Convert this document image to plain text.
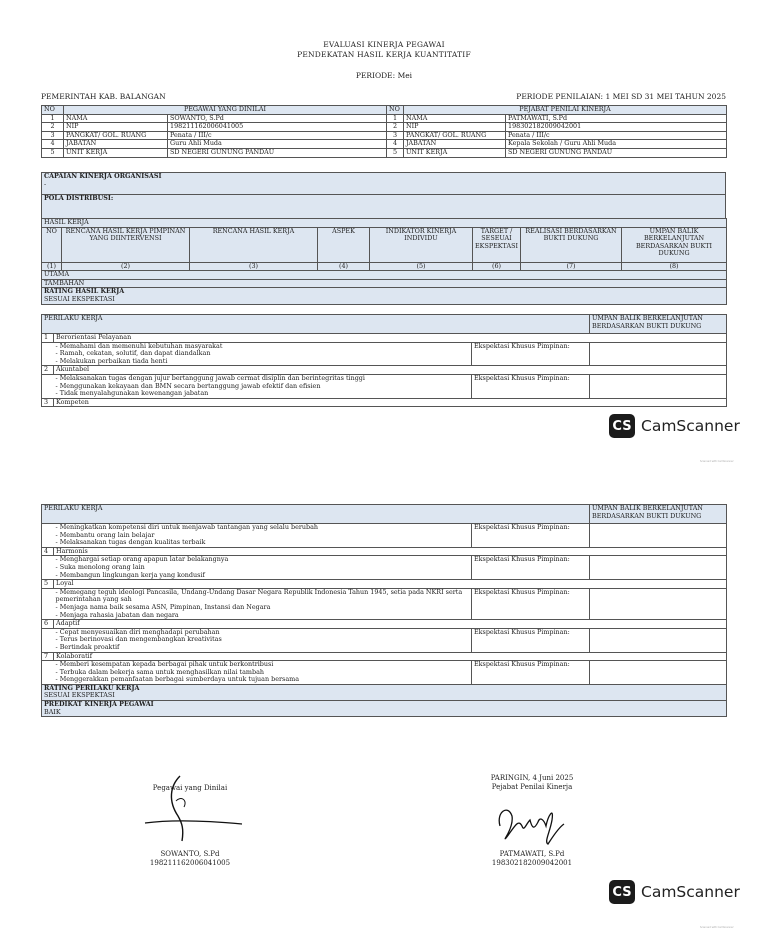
EVALUASI KINERJA PEGAWAI
PENDEKATAN HASIL KERJA KUANTITATIF
PERIODE: Mei
PEMERINTAH KAB. BALANGAN	PERIODE PENILAIAN: 1 MEI SD 31 MEI TAHUN 2025
NO	PEGAWAI YANG DINILAI		NO	PEJABAT PENILAI KINERJA	
1	NAMA	SOWANTO, S.Pd	1	NAMA	PATMAWATI, S.Pd
2	NIP	198211162006041005	2	NIP	198302182009042001
3	PANGKAT/ GOL. RUANG	Penata / III/c	3	PANGKAT/ GOL. RUANG	Penata / III/c
4	JABATAN	Guru Ahli Muda	4	JABATAN	Kepala Sekolah / Guru Ahli Muda
5	UNIT KERJA	SD NEGERI GUNUNG PANDAU	5	UNIT KERJA	SD NEGERI GUNUNG PANDAU
CAPAIAN KINERJA ORGANISASI
-

POLA DISTRIBUSI:
HASIL KERJA							
NO	RENCANA HASIL KERJA PIMPINAN YANG DIINTERVENSI	RENCANA HASIL KERJA	ASPEK	INDIKATOR KINERJA INDIVIDU	TARGET / SESEUAI EKSPEKTASI	REALISASI BERDASARKAN BUKTI DUKUNG	UMPAN BALIK BERKELANJUTAN BERDASARKAN BUKTI DUKUNG
(1)	(2)	(3)	(4)	(5)	(6)	(7)	(8)
UTAMA							
TAMBAHAN							

RATING HASIL KERJA
SESUAI EKSPEKTASI							
PERILAKU KERJA			UMPAN BALIK BERKELANJUTAN BERDASARKAN BUKTI DUKUNG
1	Berorientasi Pelayanan		

	- Memahami dan memenuhi kebutuhan masyarakat
- Ramah, cekatan, solutif, dan dapat diandalkan
- Melakukan perbaikan tiada henti	Ekspektasi Khusus Pimpinan:	
2	Akuntabel		

	- Melaksanakan tugas dengan jujur bertanggung jawab cermat disiplin dan berintegritas tinggi
- Menggunakan kekayaan dan BMN secara bertanggung jawab efektif dan efisien
- Tidak menyalahgunakan kewenangan jabatan	Ekspektasi Khusus Pimpinan:	
3	Kompeten		
CS CamScanner
Scanned with CamScanner
PERILAKU KERJA			UMPAN BALIK BERKELANJUTAN BERDASARKAN BUKTI DUKUNG

	- Meningkatkan kompetensi diri untuk menjawab tantangan yang selalu berubah
- Membantu orang lain belajar
- Melaksanakan tugas dengan kualitas terbaik	Ekspektasi Khusus Pimpinan:	
4	Harmonis		

	- Menghargai setiap orang apapun latar belakangnya
- Suka menolong orang lain
- Membangun lingkungan kerja yang kondusif	Ekspektasi Khusus Pimpinan:	
5	Loyal		

	- Memegang teguh ideologi Pancasila, Undang-Undang Dasar Negara Republik Indonesia Tahun 1945, setia pada NKRI serta pemerintahan yang sah
- Menjaga nama baik sesama ASN, Pimpinan, Instansi dan Negara
- Menjaga rahasia jabatan dan negara	Ekspektasi Khusus Pimpinan:	
6	Adaptif		

	- Cepat menyesuaikan diri menghadapi perubahan
- Terus berinovasi dan mengembangkan kreativitas
- Bertindak proaktif	Ekspektasi Khusus Pimpinan:	
7	Kolaboratif		

	- Memberi kesempatan kepada berbagai pihak untuk berkontribusi
- Terbuka dalam bekerja sama untuk menghasilkan nilai tambah
- Menggerakkan pemanfaatan berbagai sumberdaya untuk tujuan bersama	Ekspektasi Khusus Pimpinan:	

RATING PERILAKU KERJA
SESUAI EKSPEKTASI			

PREDIKAT KINERJA PEGAWAI
BAIK			
Pegawai yang Dinilai
SOWANTO, S.Pd
198211162006041005
PARINGIN, 4 Juni 2025
Pejabat Penilai Kinerja
PATMAWATI, S.Pd
198302182009042001
CS CamScanner
Scanned with CamScanner
